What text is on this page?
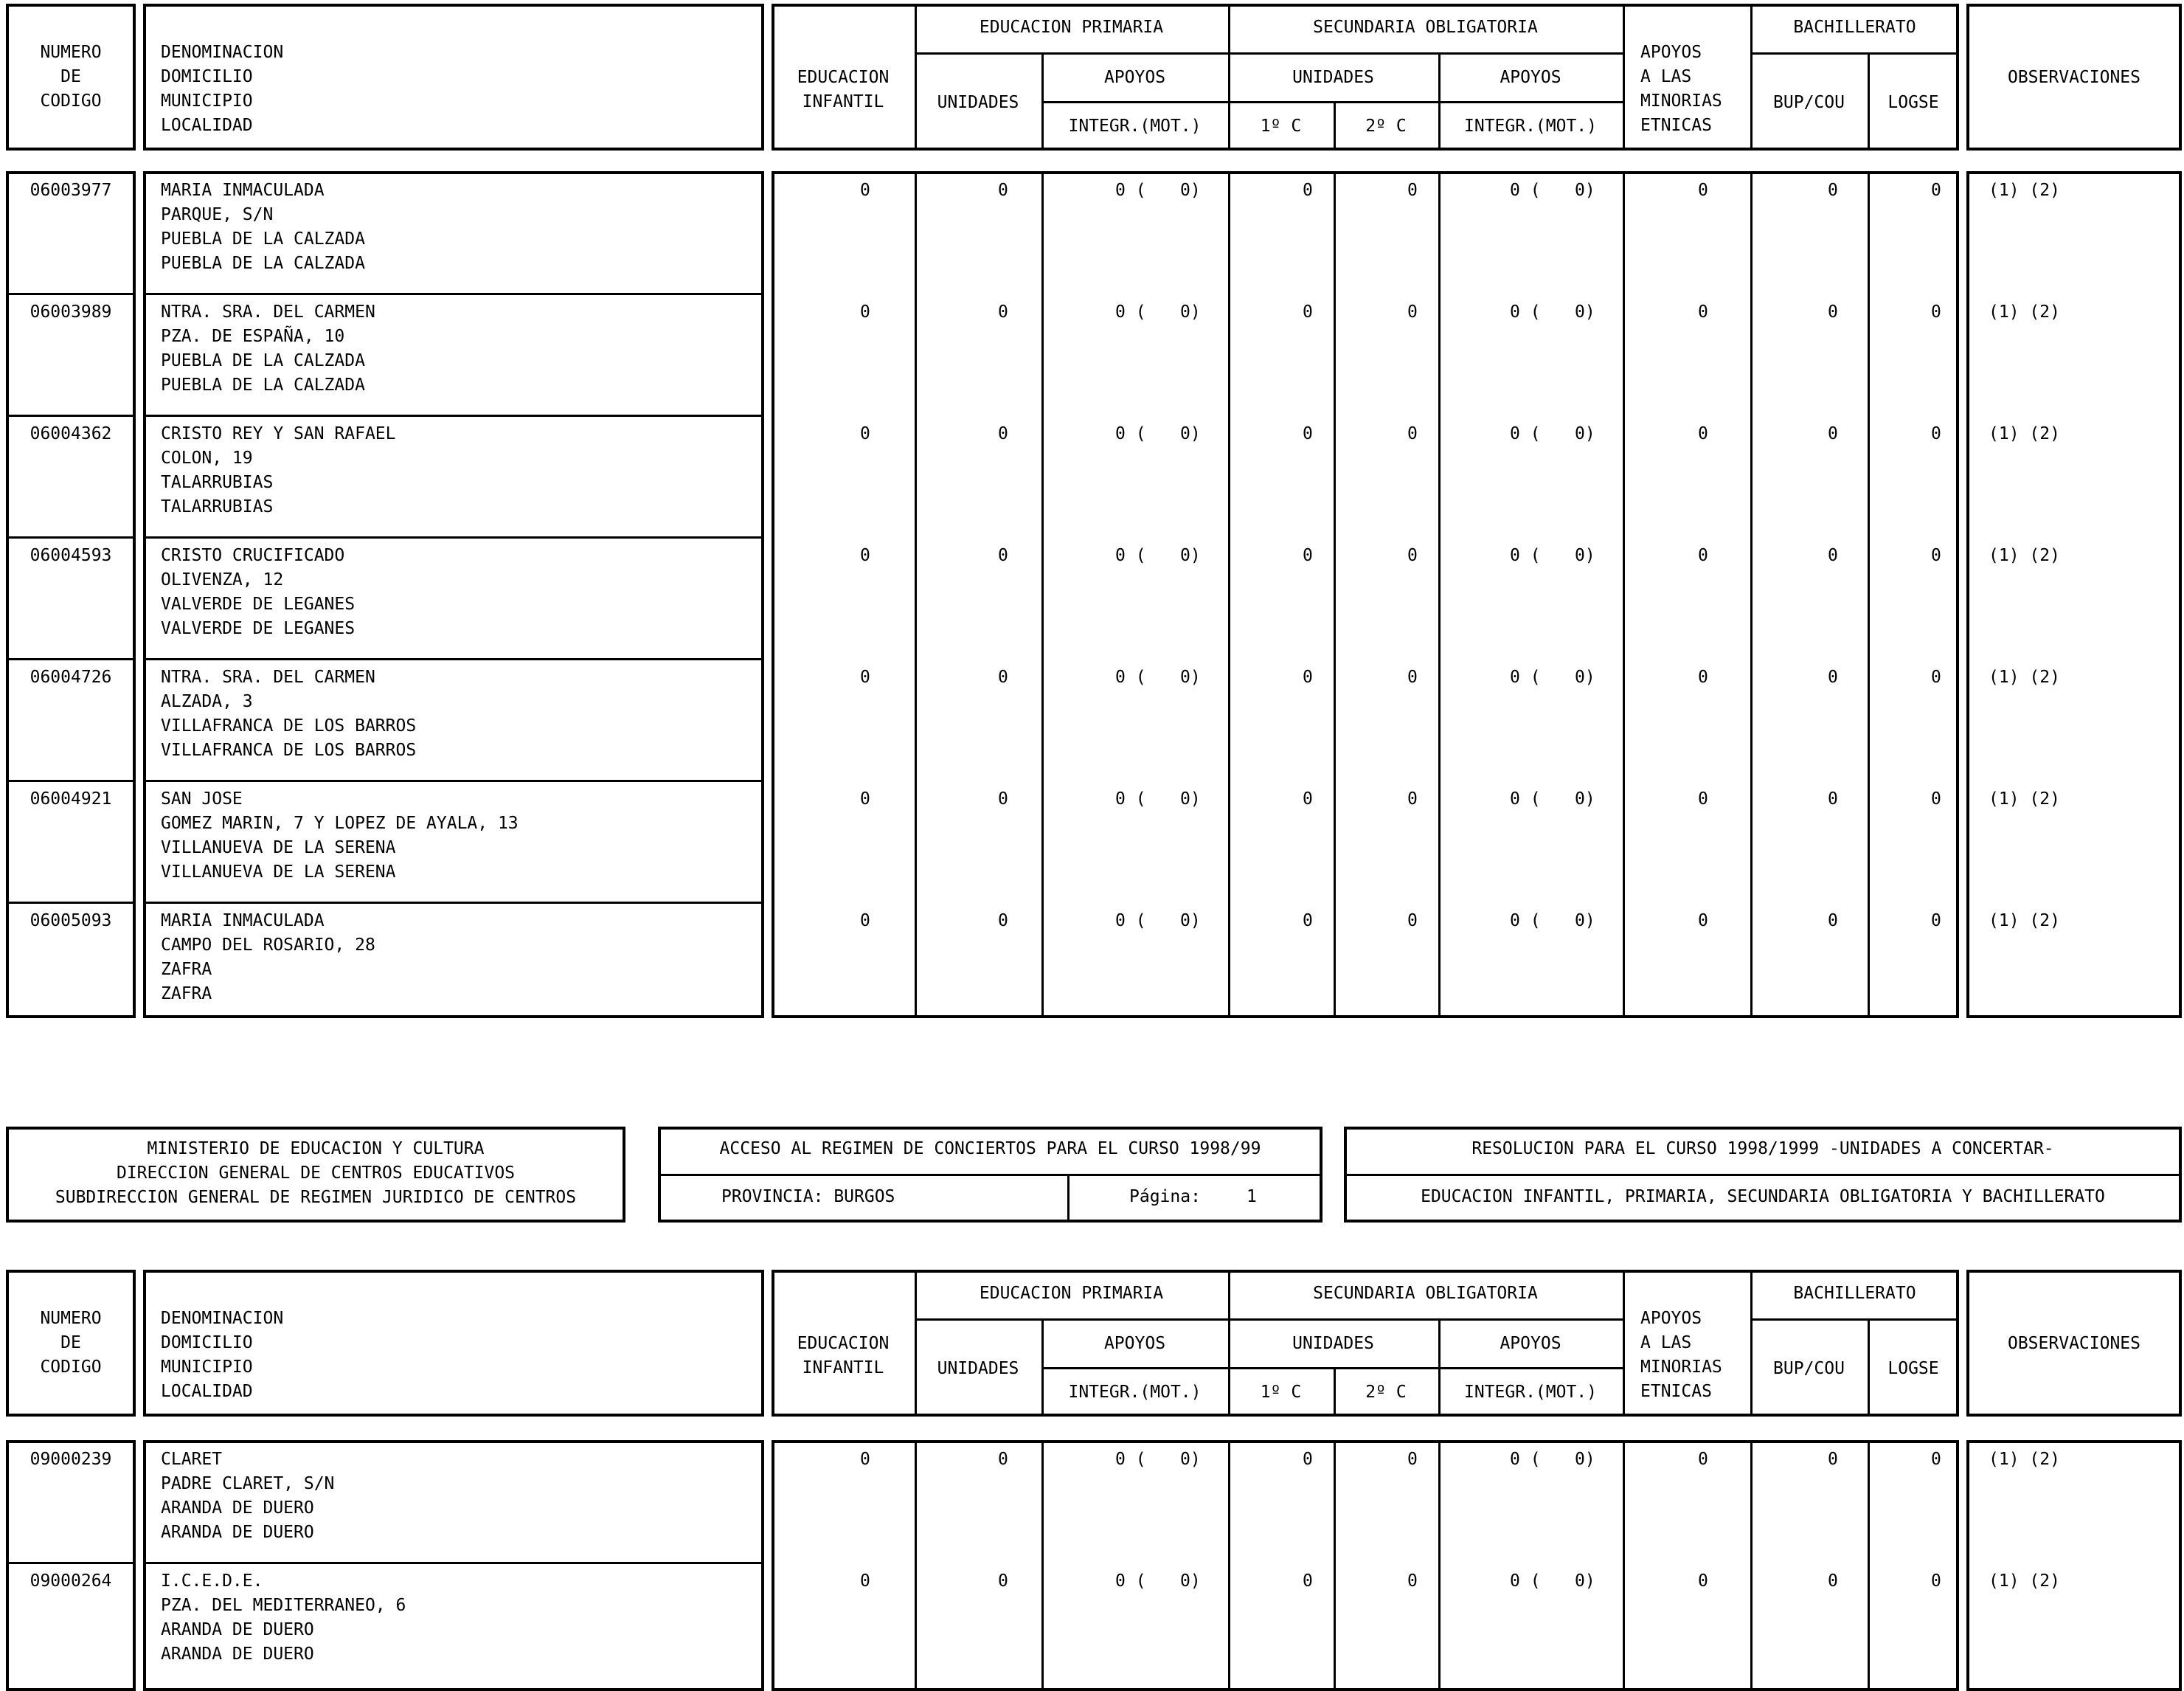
NUMERO
DE
CODIGO
DENOMINACION
DOMICILIO
MUNICIPIO
LOCALIDAD
EDUCACION
INFANTIL
EDUCACION PRIMARIA	SECUNDARIA OBLIGATORIA	BACHILLERATO
UNIDADES
APOYOS
INTEGR.(MOT.)
UNIDADES	APOYOS
1º C	2º C	INTEGR.(MOT.)
APOYOS
A LAS
MINORIAS
ETNICAS
BUP/COU	LOGSE
OBSERVACIONES
06003977	MARIA INMACULADA
PARQUE, S/N
PUEBLA DE LA CALZADA
PUEBLA DE LA CALZADA
0	0	0 (	0)	0	0	0 (	0)	0	0	0	(1) (2)
06003989	NTRA. SRA. DEL CARMEN
PZA. DE ESPAÑA, 10
PUEBLA DE LA CALZADA
PUEBLA DE LA CALZADA
0	0	0 (	0)	0	0	0 (	0)	0	0	0	(1) (2)
06004362	CRISTO REY Y SAN RAFAEL
COLON, 19
TALARRUBIAS
TALARRUBIAS
0	0	0 (	0)	0	0	0 (	0)	0	0	0	(1) (2)
06004593	CRISTO CRUCIFICADO
OLIVENZA, 12
VALVERDE DE LEGANES
VALVERDE DE LEGANES
0	0	0 (	0)	0	0	0 (	0)	0	0	0	(1) (2)
06004726	NTRA. SRA. DEL CARMEN
ALZADA, 3
VILLAFRANCA DE LOS BARROS
VILLAFRANCA DE LOS BARROS
0	0	0 (	0)	0	0	0 (	0)	0	0	0	(1) (2)
06004921	SAN JOSE
GOMEZ MARIN, 7 Y LOPEZ DE AYALA, 13
VILLANUEVA DE LA SERENA
VILLANUEVA DE LA SERENA
0	0	0 (	0)	0	0	0 (	0)	0	0	0	(1) (2)
06005093	MARIA INMACULADA
CAMPO DEL ROSARIO, 28
ZAFRA
ZAFRA
0	0	0 (	0)	0	0	0 (	0)	0	0	0	(1) (2)
MINISTERIO DE EDUCACION Y CULTURA
DIRECCION GENERAL DE CENTROS EDUCATIVOS
SUBDIRECCION GENERAL DE REGIMEN JURIDICO DE CENTROS
ACCESO AL REGIMEN DE CONCIERTOS PARA EL CURSO 1998/99
PROVINCIA: BURGOS	Página:	1
RESOLUCION PARA EL CURSO 1998/1999 -UNIDADES A CONCERTAR-
EDUCACION INFANTIL, PRIMARIA, SECUNDARIA OBLIGATORIA Y BACHILLERATO
NUMERO
DE
CODIGO
DENOMINACION
DOMICILIO
MUNICIPIO
LOCALIDAD
EDUCACION
INFANTIL
EDUCACION PRIMARIA	SECUNDARIA OBLIGATORIA	BACHILLERATO
UNIDADES
APOYOS
INTEGR.(MOT.)
UNIDADES	APOYOS
1º C	2º C	INTEGR.(MOT.)
APOYOS
A LAS
MINORIAS
ETNICAS
BUP/COU	LOGSE
OBSERVACIONES
09000239	CLARET
PADRE CLARET, S/N
ARANDA DE DUERO
ARANDA DE DUERO
0	0	0 (	0)	0	0	0 (	0)	0	0	0	(1) (2)
09000264	I.C.E.D.E.
PZA. DEL MEDITERRANEO, 6
ARANDA DE DUERO
ARANDA DE DUERO
0	0	0 (	0)	0	0	0 (	0)	0	0	0	(1) (2)
